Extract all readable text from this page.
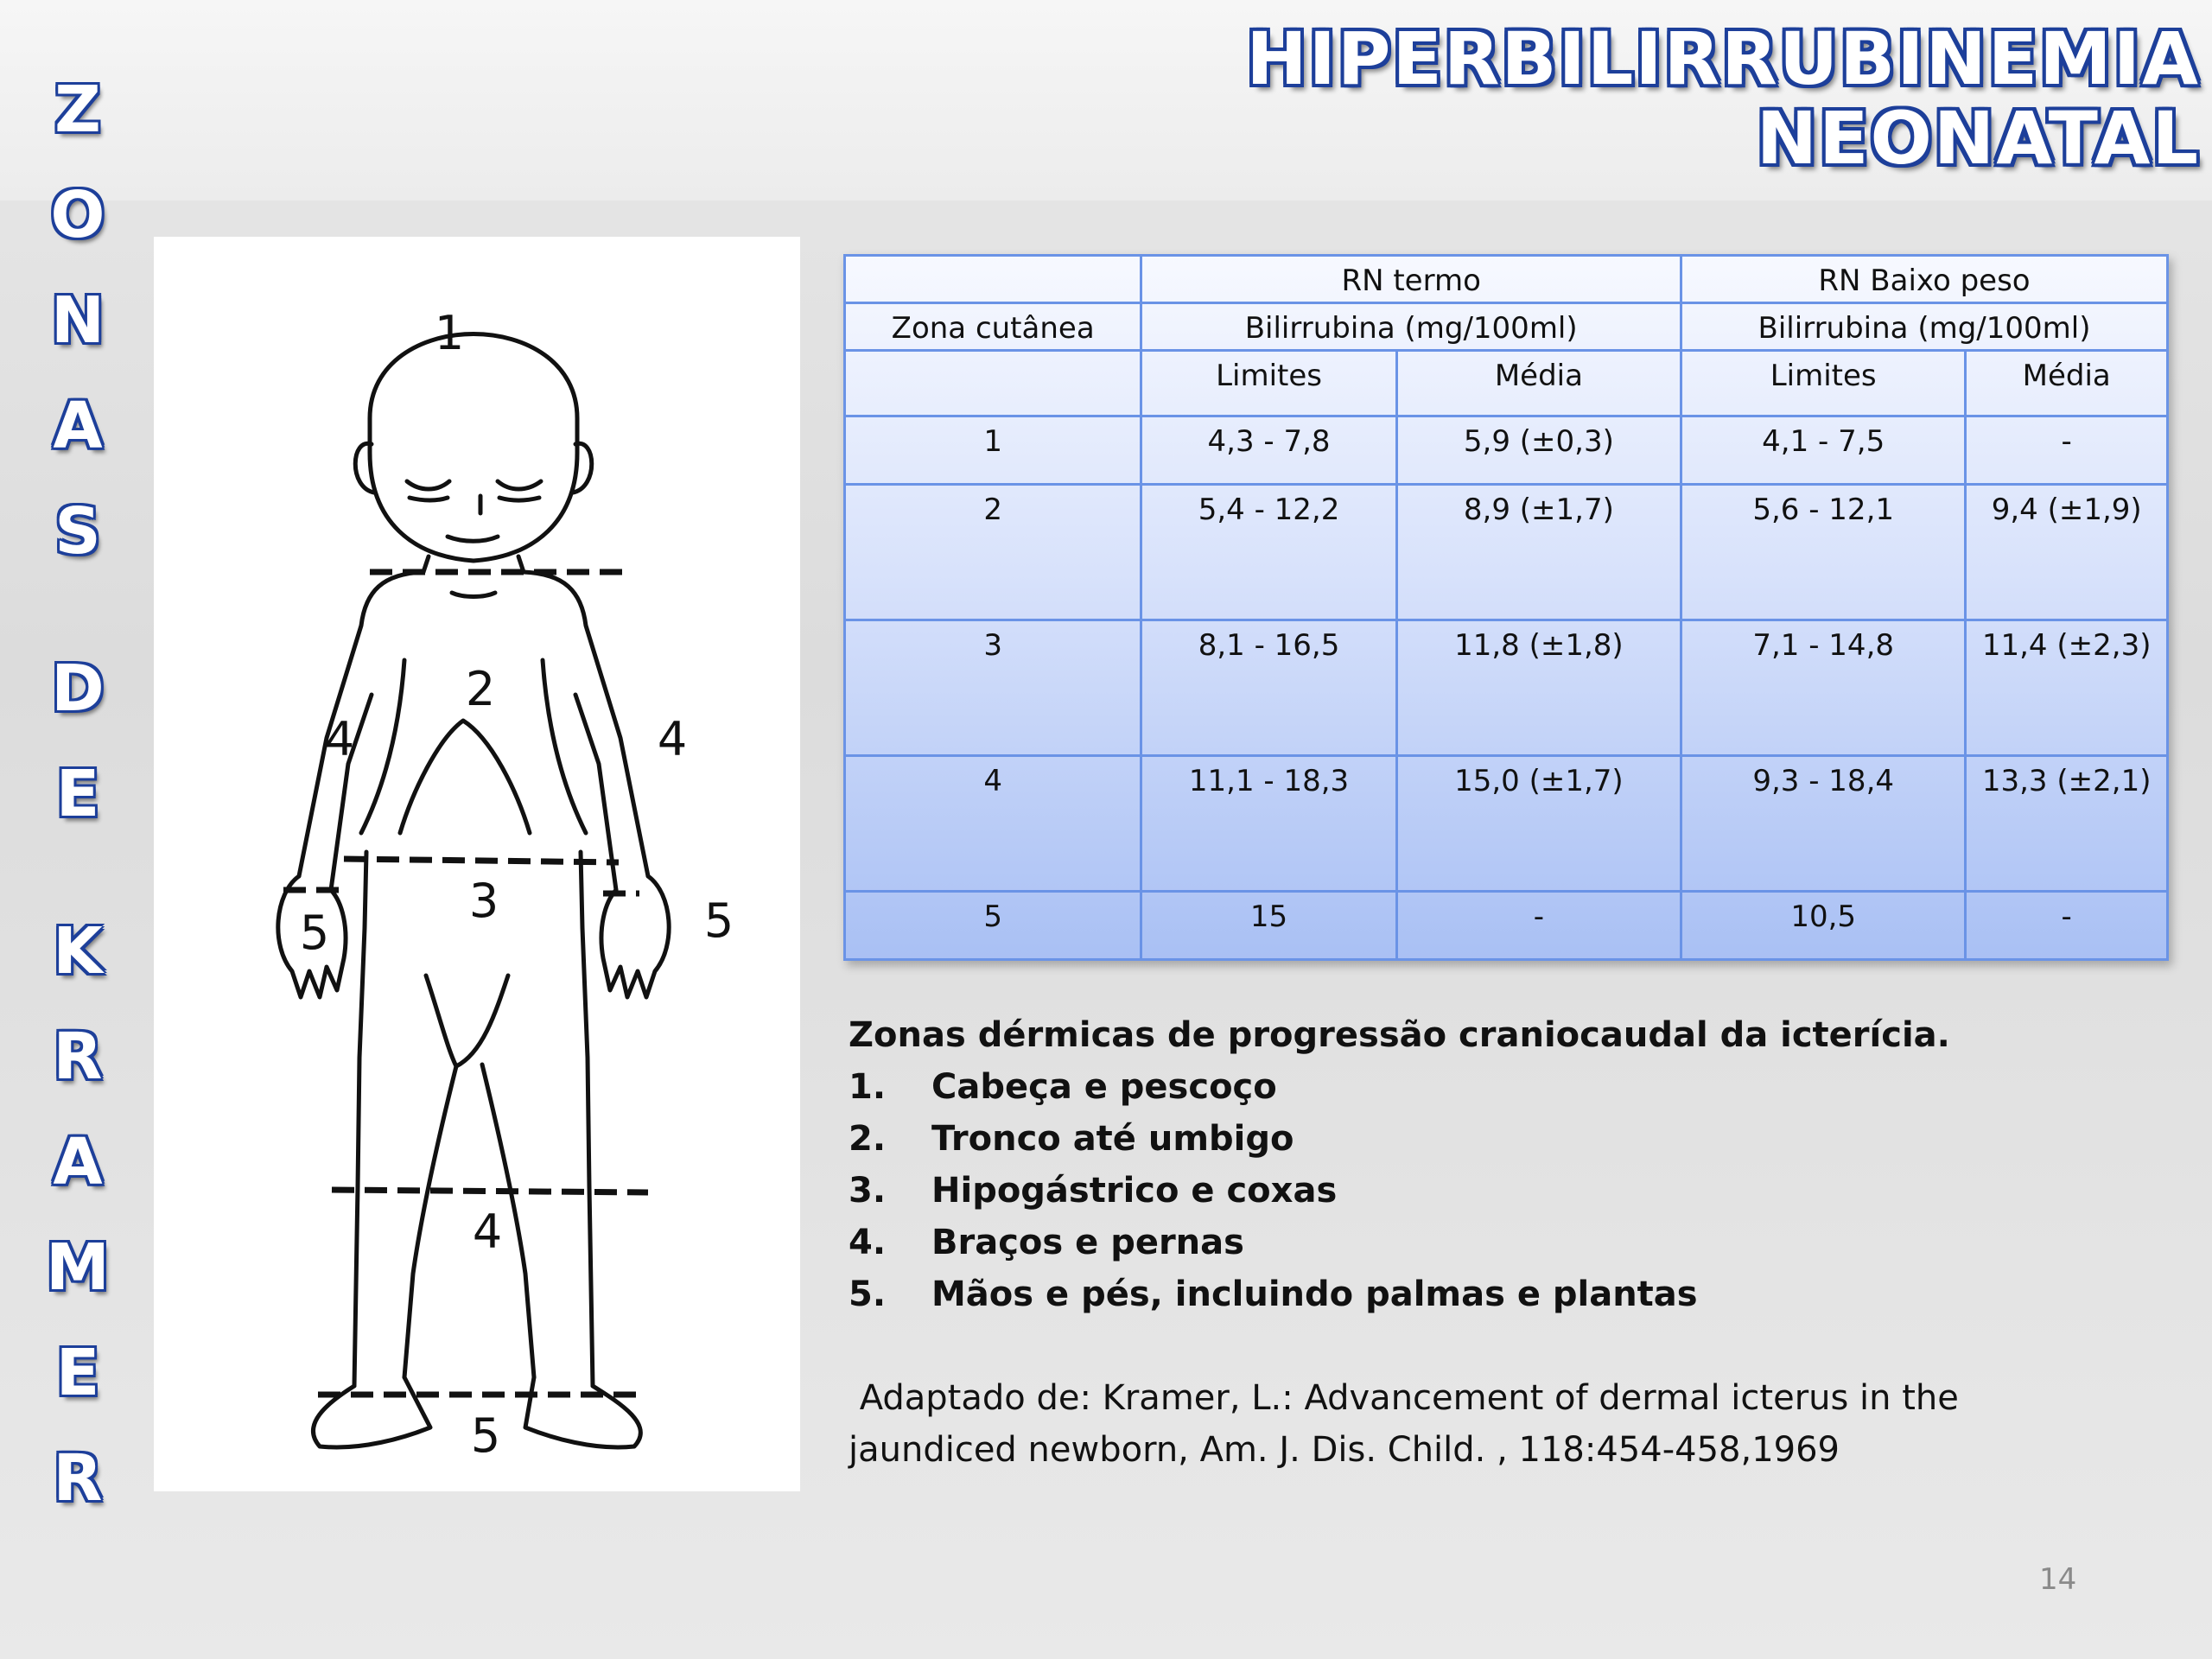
HIPERBILIRRUBINEMIA
NEONATAL
Z
O
N
A
S
D
E
K
R
A
M
E
R
1
2
4	4
3
5	5
4
5
	RN termo		RN Baixo peso	
Zona cutânea	Bilirrubina (mg/100ml)		Bilirrubina (mg/100ml)	
	Limites	Média	Limites	Média
1	4,3 - 7,8	5,9 (±0,3)	4,1 - 7,5	-
2	5,4 - 12,2	8,9 (±1,7)	5,6 - 12,1	9,4 (±1,9)
3	8,1 - 16,5	11,8 (±1,8)	7,1 - 14,8	11,4 (±2,3)
4	11,1 - 18,3	15,0 (±1,7)	9,3 - 18,4	13,3 (±2,1)
5	15	-	10,5	-
Zonas dérmicas de progressão craniocaudal da icterícia.
1.	Cabeça e pescoço
2.	Tronco até umbigo
3.	Hipogástrico e coxas
4.	Braços e pernas
5.	Mãos e pés, incluindo palmas e plantas
Adaptado de: Kramer, L.: Advancement of dermal icterus in the
jaundiced newborn, Am. J. Dis. Child. , 118:454-458,1969
14
